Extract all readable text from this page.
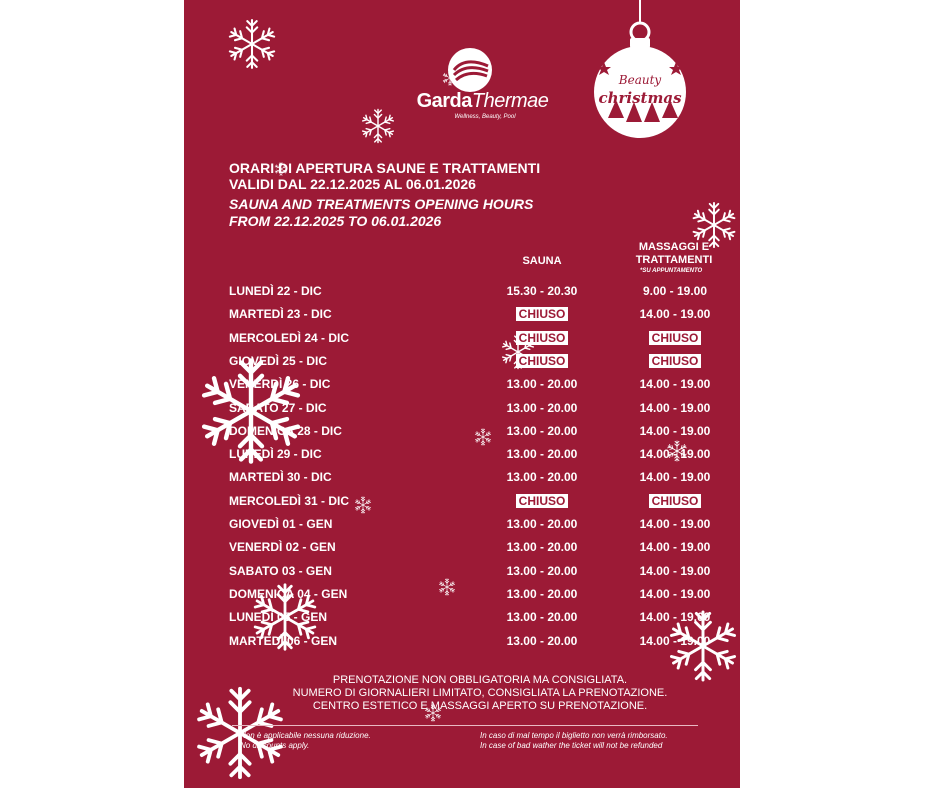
GardaThermae
Wellness, Beauty, Pool
Beauty
christmas
ORARI DI APERTURA SAUNE E TRATTAMENTI
VALIDI DAL 22.12.2025 AL 06.01.2026
SAUNA AND TREATMENTS OPENING HOURS
FROM 22.12.2025 TO 06.01.2026
SAUNA
MASSAGGI E
TRATTAMENTI
*SU APPUNTAMENTO
LUNEDÌ 22 - DIC	15.30 - 20.30	9.00 - 19.00
MARTEDÌ 23 - DIC	CHIUSO	14.00 - 19.00
MERCOLEDÌ 24 - DIC	CHIUSO	CHIUSO
GIOVEDÌ 25 - DIC	CHIUSO	CHIUSO
VENERDÌ 26 - DIC	13.00 - 20.00	14.00 - 19.00
SABATO 27 - DIC	13.00 - 20.00	14.00 - 19.00
DOMENICA 28 - DIC	13.00 - 20.00	14.00 - 19.00
LUNEDÌ 29 - DIC	13.00 - 20.00	14.00 - 19.00
MARTEDÌ 30 - DIC	13.00 - 20.00	14.00 - 19.00
MERCOLEDÌ 31 - DIC	CHIUSO	CHIUSO
GIOVEDÌ 01 - GEN	13.00 - 20.00	14.00 - 19.00
VENERDÌ 02 - GEN	13.00 - 20.00	14.00 - 19.00
SABATO 03 - GEN	13.00 - 20.00	14.00 - 19.00
DOMENICA 04 - GEN	13.00 - 20.00	14.00 - 19.00
LUNEDÌ 05 - GEN	13.00 - 20.00	14.00 - 19.00
MARTEDÌ 06 - GEN	13.00 - 20.00	14.00 - 19.00
PRENOTAZIONE NON OBBLIGATORIA MA CONSIGLIATA.
NUMERO DI GIORNALIERI LIMITATO, CONSIGLIATA LA PRENOTAZIONE.
CENTRO ESTETICO E MASSAGGI APERTO SU PRENOTAZIONE.
Non è applicabile nessuna riduzione.
No discounts apply.
In caso di mal tempo il biglietto non verrà rimborsato.
In case of bad wather the ticket will not be refunded
